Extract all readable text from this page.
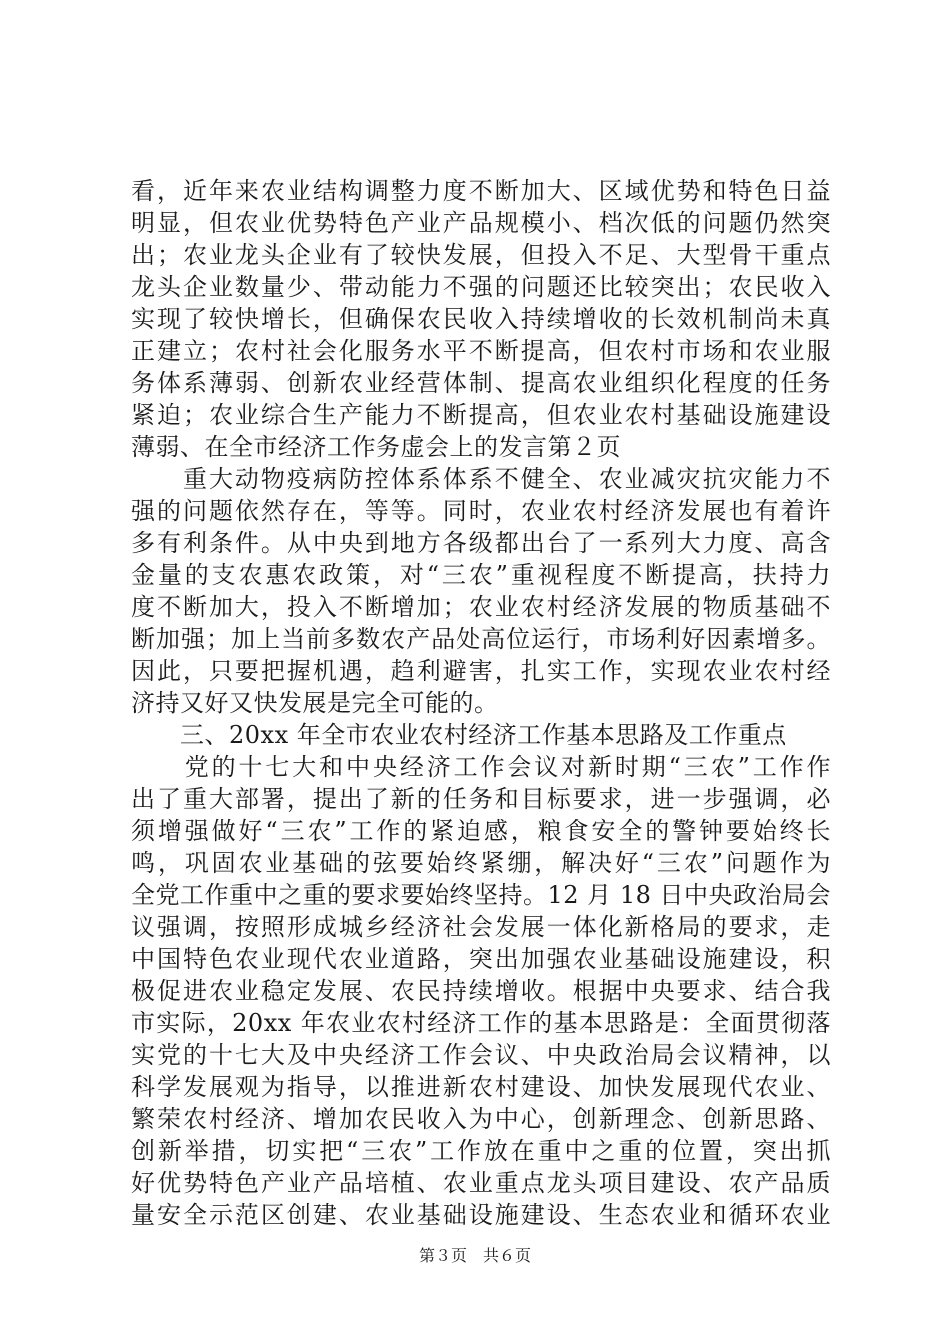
看，近年来农业结构调整力度不断加大、区域优势和特色日益
明显，但农业优势特色产业产品规模小、档次低的问题仍然突
出；农业龙头企业有了较快发展，但投入不足、大型骨干重点
龙头企业数量少、带动能力不强的问题还比较突出；农民收入
实现了较快增长，但确保农民收入持续增收的长效机制尚未真
正建立；农村社会化服务水平不断提高，但农村市场和农业服
务体系薄弱、创新农业经营体制、提高农业组织化程度的任务
紧迫；农业综合生产能力不断提高，但农业农村基础设施建设
薄弱、在全市经济工作务虚会上的发言第２页
　　重大动物疫病防控体系体系不健全、农业减灾抗灾能力不
强的问题依然存在，等等。同时，农业农村经济发展也有着许
多有利条件。从中央到地方各级都出台了一系列大力度、高含
金量的支农惠农政策，对“三农”重视程度不断提高，扶持力
度不断加大，投入不断增加；农业农村经济发展的物质基础不
断加强；加上当前多数农产品处高位运行，市场利好因素增多。
因此，只要把握机遇，趋利避害，扎实工作，实现农业农村经
济持又好又快发展是完全可能的。
　　三、20xx 年全市农业农村经济工作基本思路及工作重点
　　党的十七大和中央经济工作会议对新时期“三农”工作作
出了重大部署，提出了新的任务和目标要求，进一步强调，必
须增强做好“三农”工作的紧迫感，粮食安全的警钟要始终长
鸣，巩固农业基础的弦要始终紧绷，解决好“三农”问题作为
全党工作重中之重的要求要始终坚持。12 月 18 日中央政治局会
议强调，按照形成城乡经济社会发展一体化新格局的要求，走
中国特色农业现代农业道路，突出加强农业基础设施建设，积
极促进农业稳定发展、农民持续增收。根据中央要求、结合我
市实际，20xx 年农业农村经济工作的基本思路是：全面贯彻落
实党的十七大及中央经济工作会议、中央政治局会议精神，以
科学发展观为指导，以推进新农村建设、加快发展现代农业、
繁荣农村经济、增加农民收入为中心，创新理念、创新思路、
创新举措，切实把“三农”工作放在重中之重的位置，突出抓
好优势特色产业产品培植、农业重点龙头项目建设、农产品质
量安全示范区创建、农业基础设施建设、生态农业和循环农业
第３页　共６页
